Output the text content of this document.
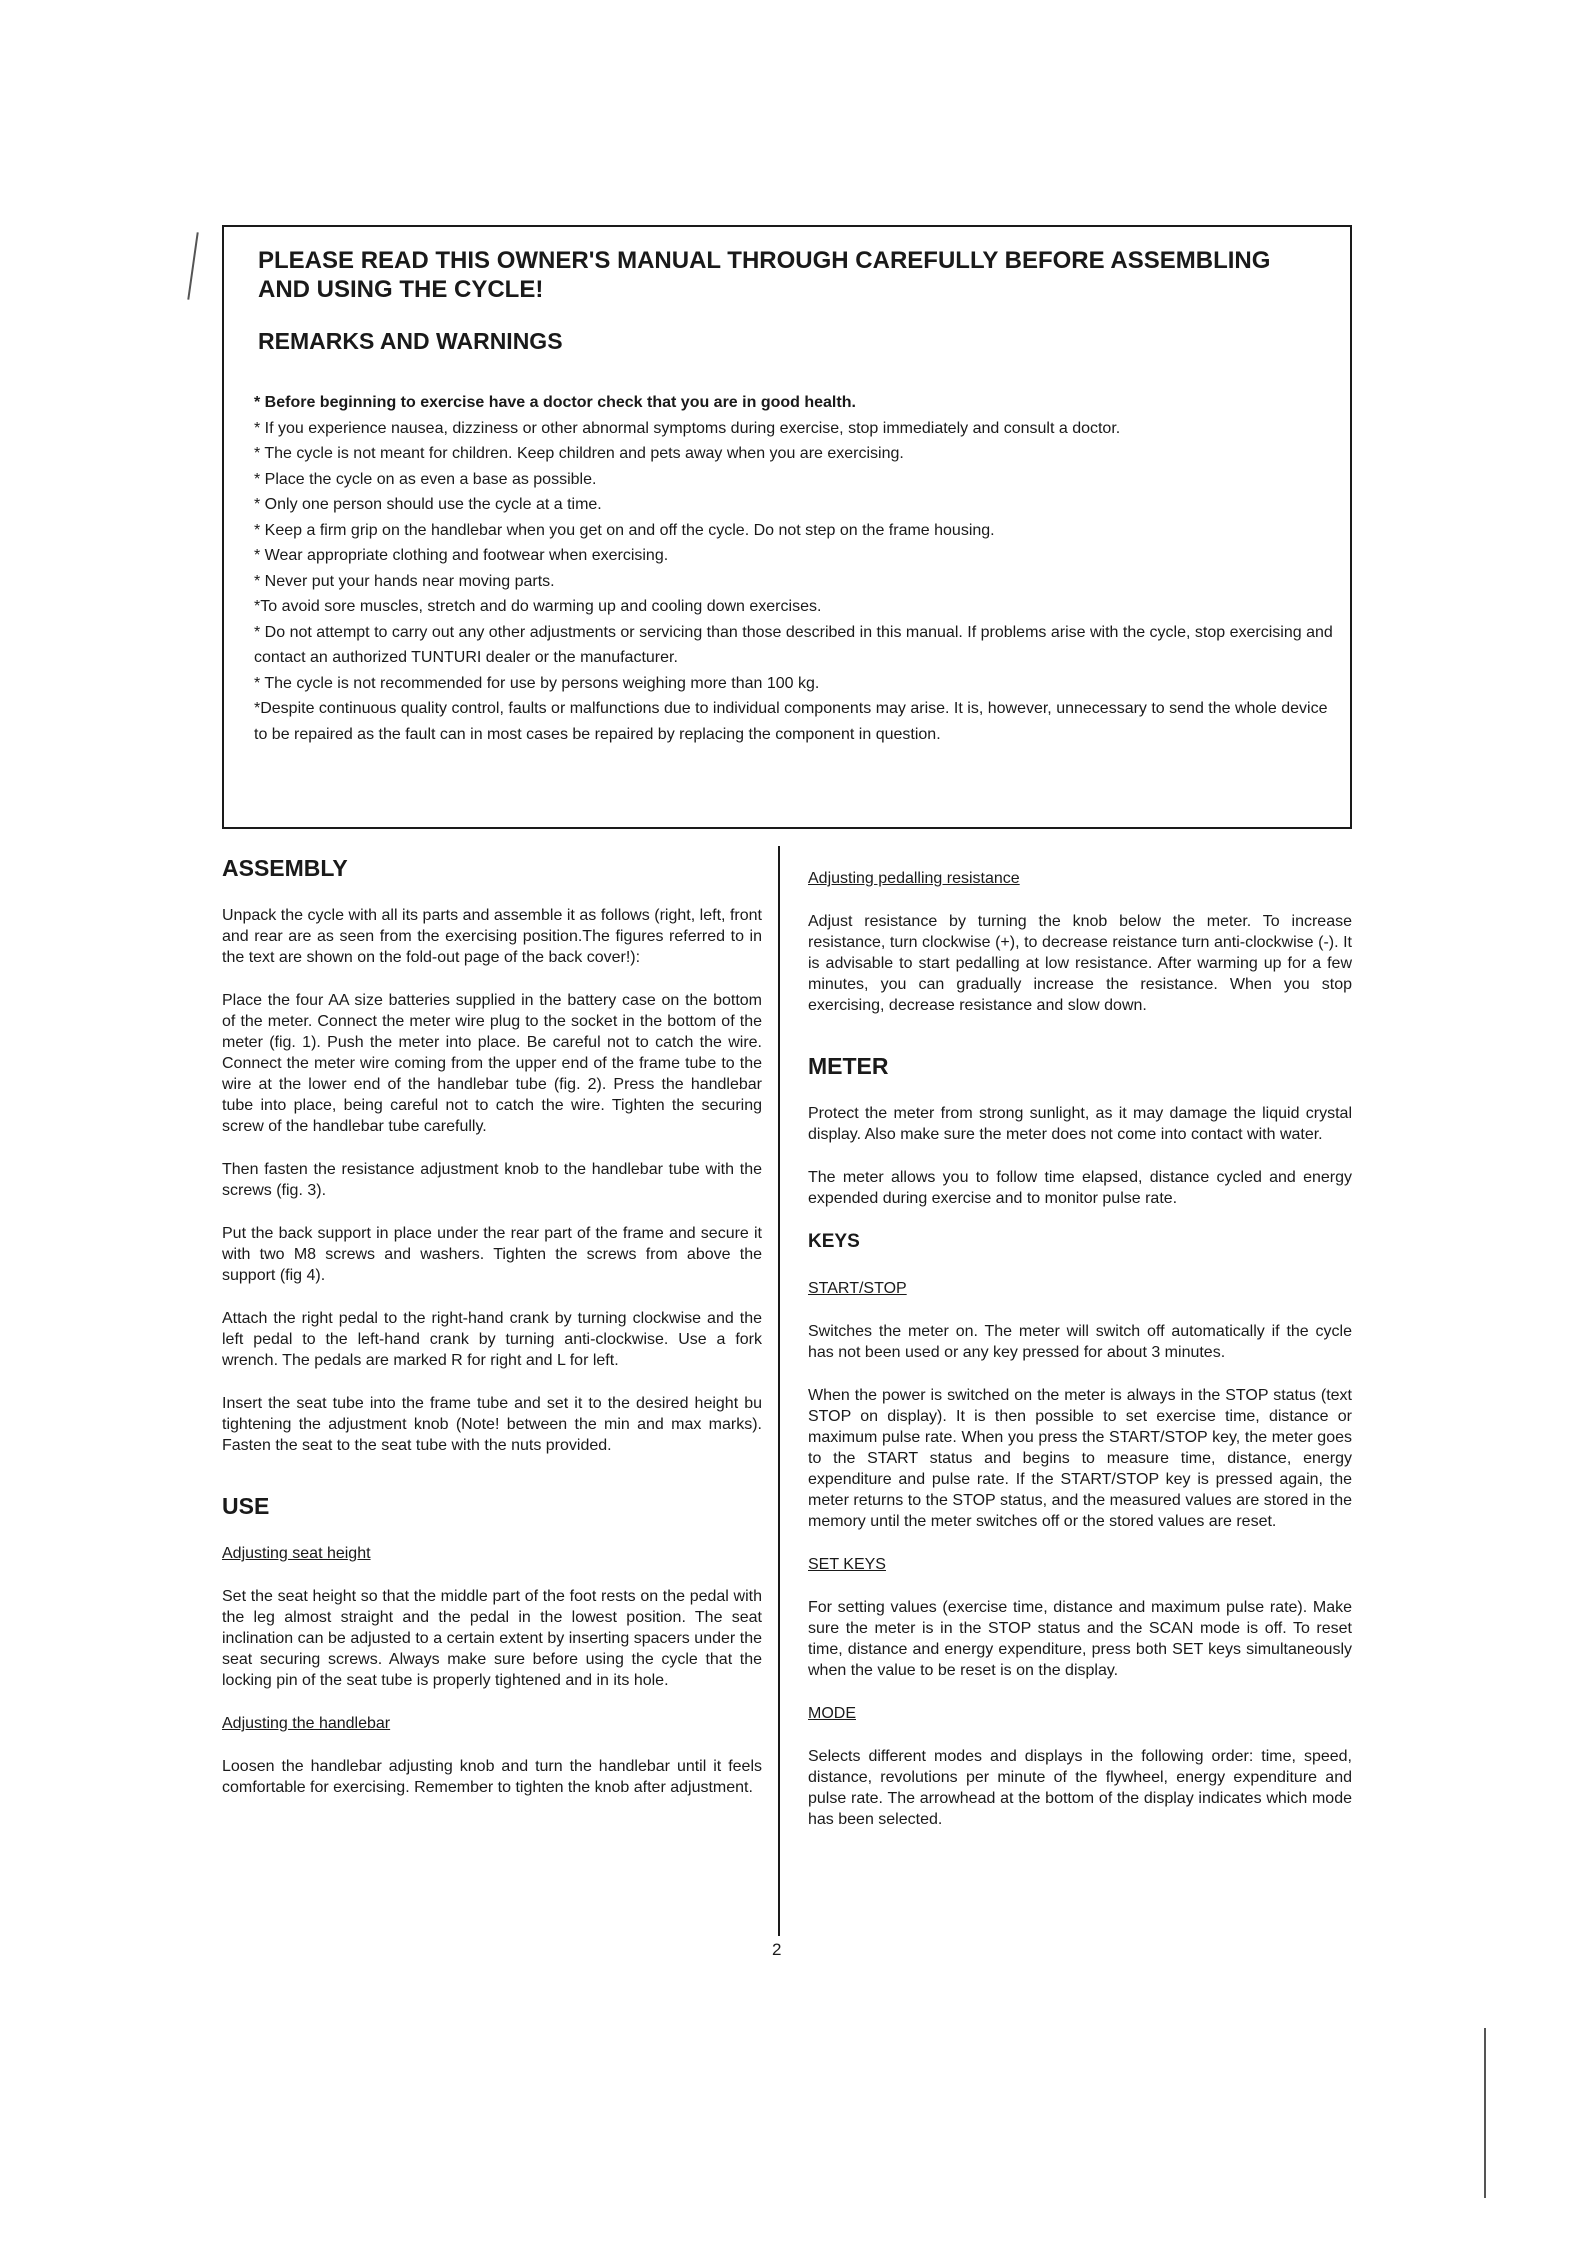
PLEASE READ THIS OWNER'S MANUAL THROUGH CAREFULLY BEFORE ASSEMBLING AND USING THE CYCLE!
REMARKS AND WARNINGS
* Before beginning to exercise have a doctor check that you are in good health.
* If you experience nausea, dizziness or other abnormal symptoms during exercise, stop immediately and consult a doctor.
* The cycle is not meant for children. Keep children and pets away when you are exercising.
* Place the cycle on as even a base as possible.
* Only one person should use the cycle at a time.
* Keep a firm grip on the handlebar when you get on and off the cycle. Do not step on the frame housing.
* Wear appropriate clothing and footwear when exercising.
* Never put your hands near moving parts.
*To avoid sore muscles, stretch and do warming up and cooling down exercises.
* Do not attempt to carry out any other adjustments or servicing than those described in this manual. If problems arise with the cycle, stop exercising and contact an authorized TUNTURI dealer or the manufacturer.
* The cycle is not recommended for use by persons weighing more than 100 kg.
*Despite continuous quality control, faults or malfunctions due to individual components may arise. It is, however, unnecessary to send the whole device to be repaired as the fault can in most cases be repaired by replacing the component in question.
ASSEMBLY

Unpack the cycle with all its parts and assemble it as follows (right, left, front and rear are as seen from the exercising position.The figures referred to in the text are shown on the fold-out page of the back cover!):

Place the four AA size batteries supplied in the battery case on the bottom of the meter. Connect the meter wire plug to the socket in the bottom of the meter (fig. 1). Push the meter into place. Be careful not to catch the wire. Connect the meter wire coming from the upper end of the frame tube to the wire at the lower end of the handlebar tube (fig. 2). Press the handlebar tube into place, being careful not to catch the wire. Tighten the securing screw of the handlebar tube carefully.

Then fasten the resistance adjustment knob to the handlebar tube with the screws (fig. 3).

Put the back support in place under the rear part of the frame and secure it with two M8 screws and washers. Tighten the screws from above the support (fig 4).

Attach the right pedal to the right-hand crank by turning clockwise and the left pedal to the left-hand crank by turning anti-clockwise. Use a fork wrench. The pedals are marked R for right and L for left.

Insert the seat tube into the frame tube and set it to the desired height bu tightening the adjustment knob (Note! between the min and max marks). Fasten the seat to the seat tube with the nuts provided.

USE

Adjusting seat height

Set the seat height so that the middle part of the foot rests on the pedal with the leg almost straight and the pedal in the lowest position. The seat inclination can be adjusted to a certain extent by inserting spacers under the seat securing screws. Always make sure before using the cycle that the locking pin of the seat tube is properly tightened and in its hole.

Adjusting the handlebar

Loosen the handlebar adjusting knob and turn the handlebar until it feels comfortable for exercising. Remember to tighten the knob after adjustment.

Adjusting pedalling resistance

Adjust resistance by turning the knob below the meter. To increase resistance, turn clockwise (+), to decrease reistance turn anti-clockwise (-). It is advisable to start pedalling at low resistance. After warming up for a few minutes, you can gradually increase the resistance. When you stop exercising, decrease resistance and slow down.

METER

Protect the meter from strong sunlight, as it may damage the liquid crystal display. Also make sure the meter does not come into contact with water.

The meter allows you to follow time elapsed, distance cycled and energy expended during exercise and to monitor pulse rate.

KEYS

START/STOP

Switches the meter on. The meter will switch off automatically if the cycle has not been used or any key pressed for about 3 minutes.

When the power is switched on the meter is always in the STOP status (text STOP on display). It is then possible to set exercise time, distance or maximum pulse rate. When you press the START/STOP key, the meter goes to the START status and begins to measure time, distance, energy expenditure and pulse rate. If the START/STOP key is pressed again, the meter returns to the STOP status, and the measured values are stored in the memory until the meter switches off or the stored values are reset.

SET KEYS

For setting values (exercise time, distance and maximum pulse rate). Make sure the meter is in the STOP status and the SCAN mode is off. To reset time, distance and energy expenditure, press both SET keys simultaneously when the value to be reset is on the display.

MODE

Selects different modes and displays in the following order: time, speed, distance, revolutions per minute of the flywheel, energy expenditure and pulse rate. The arrowhead at the bottom of the display indicates which mode has been selected.

2
